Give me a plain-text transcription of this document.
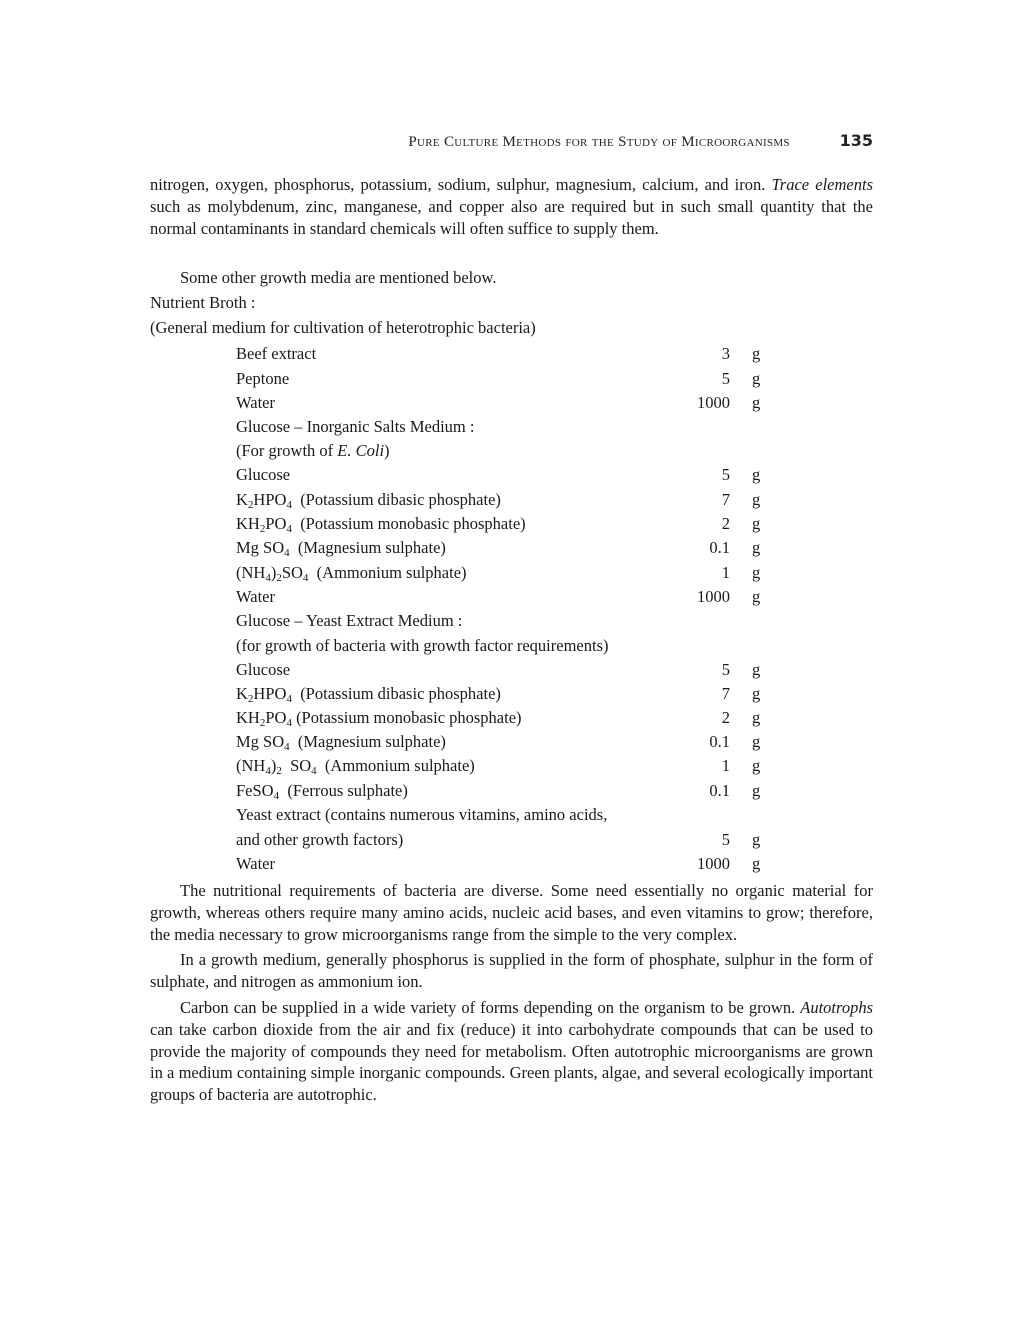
Pure Culture Methods for the Study of Microorganisms	135

nitrogen, oxygen, phosphorus, potassium, sodium, sulphur, magnesium, calcium, and iron. Trace elements such as molybdenum, zinc, manganese, and copper also are required but in such small quantity that the normal contaminants in standard chemicals will often suffice to supply them.

Some other growth media are mentioned below.
Nutrient Broth :
(General medium for cultivation of heterotrophic bacteria)
Beef extract	3 g
Peptone	5 g
Water	1000 g
Glucose – Inorganic Salts Medium :
(For growth of E. Coli)
Glucose	5 g
$K_2HPO_4$ (Potassium dibasic phosphate)	7 g
$KH_2PO_4$ (Potassium monobasic phosphate)	2 g
Mg $SO_4$ (Magnesium sulphate)	0.1 g
$(NH_4)_2SO_4$ (Ammonium sulphate)	1 g
Water	1000 g
Glucose – Yeast Extract Medium :
(for growth of bacteria with growth factor requirements)
Glucose	5 g
$K_2HPO_4$ (Potassium dibasic phosphate)	7 g
$KH_2PO_4$ (Potassium monobasic phosphate)	2 g
Mg $SO_4$ (Magnesium sulphate)	0.1 g
$(NH_4)_2$  $SO_4$ (Ammonium sulphate)	1 g
FeSO$_4$ (Ferrous sulphate)	0.1 g
Yeast extract (contains numerous vitamins, amino acids,
and other growth factors)	5 g
Water	1000 g

The nutritional requirements of bacteria are diverse. Some need essentially no organic material for growth, whereas others require many amino acids, nucleic acid bases, and even vitamins to grow; therefore, the media necessary to grow microorganisms range from the simple to the very complex.

In a growth medium, generally phosphorus is supplied in the form of phosphate, sulphur in the form of sulphate, and nitrogen as ammonium ion.

Carbon can be supplied in a wide variety of forms depending on the organism to be grown. Autotrophs can take carbon dioxide from the air and fix (reduce) it into carbohydrate compounds that can be used to provide the majority of compounds they need for metabolism. Often autotrophic microorganisms are grown in a medium containing simple inorganic compounds. Green plants, algae, and several ecologically important groups of bacteria are autotrophic.
